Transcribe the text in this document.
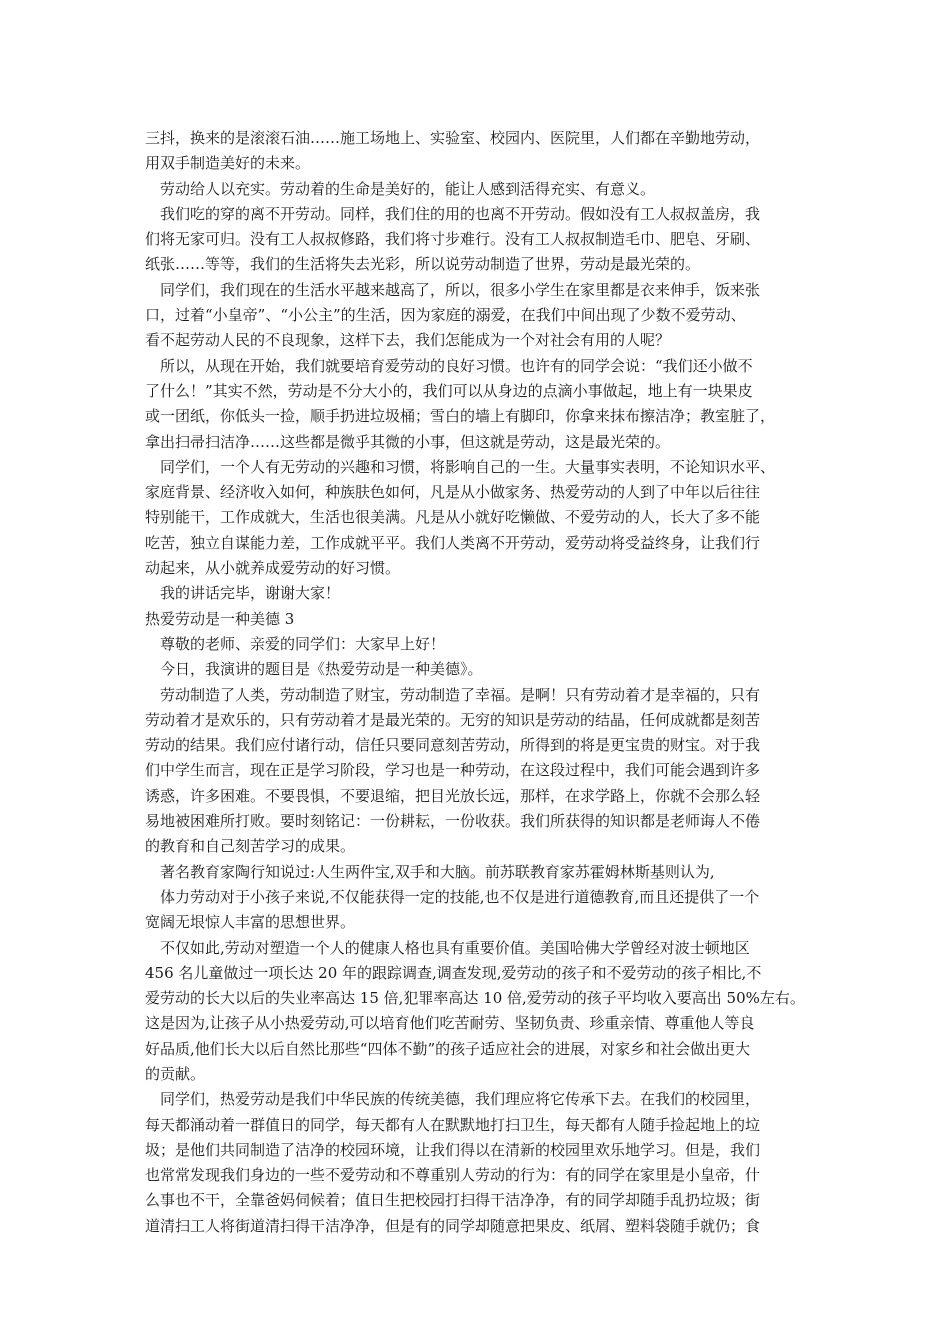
三抖，换来的是滚滚石油……施工场地上、实验室、校园内、医院里，人们都在辛勤地劳动，
用双手制造美好的未来。
劳动给人以充实。劳动着的生命是美好的，能让人感到活得充实、有意义。
我们吃的穿的离不开劳动。同样，我们住的用的也离不开劳动。假如没有工人叔叔盖房，我
们将无家可归。没有工人叔叔修路，我们将寸步难行。没有工人叔叔制造毛巾、肥皂、牙刷、
纸张……等等，我们的生活将失去光彩，所以说劳动制造了世界，劳动是最光荣的。
同学们，我们现在的生活水平越来越高了，所以，很多小学生在家里都是衣来伸手，饭来张
口，过着“小皇帝”、“小公主”的生活，因为家庭的溺爱，在我们中间出现了少数不爱劳动、
看不起劳动人民的不良现象，这样下去，我们怎能成为一个对社会有用的人呢？
所以，从现在开始，我们就要培育爱劳动的良好习惯。也许有的同学会说：“我们还小做不
了什么！”其实不然，劳动是不分大小的，我们可以从身边的点滴小事做起，地上有一块果皮
或一团纸，你低头一捡，顺手扔进垃圾桶；雪白的墙上有脚印，你拿来抹布擦洁净；教室脏了，
拿出扫帚扫洁净……这些都是微乎其微的小事，但这就是劳动，这是最光荣的。
同学们，一个人有无劳动的兴趣和习惯，将影响自己的一生。大量事实表明，不论知识水平、
家庭背景、经济收入如何，种族肤色如何，凡是从小做家务、热爱劳动的人到了中年以后往往
特别能干，工作成就大，生活也很美满。凡是从小就好吃懒做、不爱劳动的人，长大了多不能
吃苦，独立自谋能力差，工作成就平平。我们人类离不开劳动，爱劳动将受益终身，让我们行
动起来，从小就养成爱劳动的好习惯。
我的讲话完毕，谢谢大家！
热爱劳动是一种美德 3
尊敬的老师、亲爱的同学们：大家早上好！
今日，我演讲的题目是《热爱劳动是一种美德》。
劳动制造了人类，劳动制造了财宝，劳动制造了幸福。是啊！只有劳动着才是幸福的，只有
劳动着才是欢乐的，只有劳动着才是最光荣的。无穷的知识是劳动的结晶，任何成就都是刻苦
劳动的结果。我们应付诸行动，信任只要同意刻苦劳动，所得到的将是更宝贵的财宝。对于我
们中学生而言，现在正是学习阶段，学习也是一种劳动，在这段过程中，我们可能会遇到许多
诱惑，许多困难。不要畏惧，不要退缩，把目光放长远，那样，在求学路上，你就不会那么轻
易地被困难所打败。要时刻铭记：一份耕耘，一份收获。我们所获得的知识都是老师诲人不倦
的教育和自己刻苦学习的成果。
著名教育家陶行知说过:人生两件宝,双手和大脑。前苏联教育家苏霍姆林斯基则认为,
体力劳动对于小孩子来说,不仅能获得一定的技能,也不仅是进行道德教育,而且还提供了一个
宽阔无垠惊人丰富的思想世界。
不仅如此,劳动对塑造一个人的健康人格也具有重要价值。美国哈佛大学曾经对波士顿地区
456 名儿童做过一项长达 20 年的跟踪调查,调查发现,爱劳动的孩子和不爱劳动的孩子相比,不
爱劳动的长大以后的失业率高达 15 倍,犯罪率高达 10 倍,爱劳动的孩子平均收入要高出 50%左右。
这是因为,让孩子从小热爱劳动,可以培育他们吃苦耐劳、坚韧负责、珍重亲情、尊重他人等良
好品质,他们长大以后自然比那些“四体不勤”的孩子适应社会的进展，对家乡和社会做出更大
的贡献。
同学们，热爱劳动是我们中华民族的传统美德，我们理应将它传承下去。在我们的校园里，
每天都涌动着一群值日的同学，每天都有人在默默地打扫卫生，每天都有人随手捡起地上的垃
圾；是他们共同制造了洁净的校园环境，让我们得以在清新的校园里欢乐地学习。但是，我们
也常常发现我们身边的一些不爱劳动和不尊重别人劳动的行为：有的同学在家里是小皇帝，什
么事也不干，全靠爸妈伺候着；值日生把校园打扫得干洁净净，有的同学却随手乱扔垃圾；街
道清扫工人将街道清扫得干洁净净，但是有的同学却随意把果皮、纸屑、塑料袋随手就仍；食
